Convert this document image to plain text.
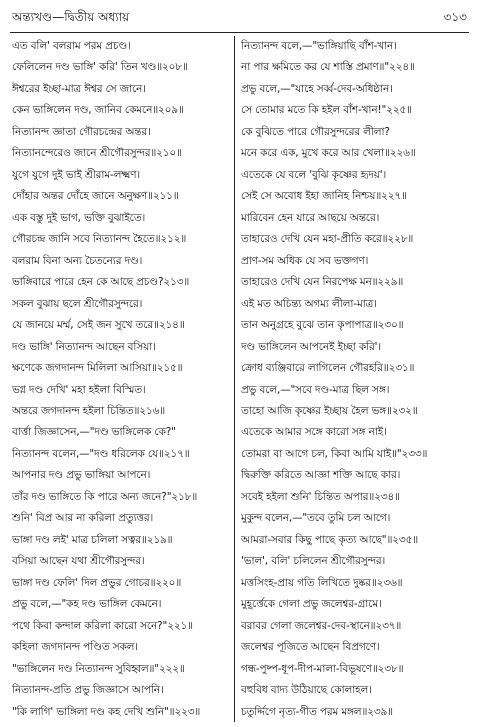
অন্ত্যখণ্ড—দ্বিতীয় অধ্যায়	৩১৩
এত বলি' বলরাম পরম প্রচণ্ড।
ফেলিলেন দণ্ড ভাঙ্গি' করি' তিন খণ্ড॥২০৮॥
ঈশ্বরের ইচ্ছা-মাত্র ঈশ্বর সে জানে।
কেন ভাঙ্গিলেন দণ্ড, জানিব কেমনে॥২০৯॥
নিত্যানন্দ জ্ঞাতা গৌরচন্দ্রের অন্তর।
নিত্যানন্দেরেও জানে শ্রীগৌরসুন্দর॥২১০॥
যুগে যুগে দুই ভাই শ্রীরাম-লক্ষ্মণ।
দোঁহার অন্তর দোঁহে জানে অনুক্ষণ॥২১১॥
এক বস্তু দুই ভাগ, ভক্তি বুঝাইতে।
গৌরচন্দ্র জানি সবে নিত্যানন্দ হৈতে॥২১২॥
বলরাম বিনা অন্য চৈতন্যের দণ্ড।
ভাঙ্গিবারে পারে হেন কে আছে প্রচণ্ড?২১৩॥
সকল বুঝায় ছলে শ্রীগৌরসুন্দরে।
যে জানয়ে মর্ম্ম, সেই জন সুখে তরে॥২১৪॥
দণ্ড ভাঙ্গি' নিত্যানন্দ আছেন বসিয়া।
ক্ষণেকে জগদানন্দ মিলিলা আসিয়া॥২১৫॥
ভগ্ন দণ্ড দেখি' মহা হইলা বিস্মিত।
অন্তরে জগদানন্দ হইলা চিন্তিত॥২১৬॥
বার্ত্তা জিজ্ঞাসেন,—"দণ্ড ভাঙ্গিলেক কে?"
নিত্যানন্দ বলেন,—"দণ্ড ধরিলেক যে॥২১৭॥
আপনার দণ্ড প্রভু ভাঙ্গিয়া আপনে।
তাঁর দণ্ড ভাঙ্গিতে কি পারে অন্য জনে?"২১৮॥
শুনি' বিপ্র আর না করিলা প্রত্যুত্তর।
ভাঙ্গা দণ্ড লই' মাত্র চলিলা সত্বর॥২১৯॥
বসিয়া আছেন যথা শ্রীগৌরসুন্দর।
ভাঙ্গা দণ্ড ফেলি' দিল প্রভুর গোচর॥২২০॥
প্রভু বলে,—"কহ দণ্ড ভাঙ্গিল কেমনে।
পথে কিবা কন্দাল করিলা কারো সনে?"২২১॥
কহিলা জগদানন্দ পণ্ডিত সকল।
"ভাঙ্গিলেন দণ্ড নিত্যানন্দ সুবিহ্বল॥"২২২॥
নিত্যানন্দ-প্রতি প্রভু জিজ্ঞাসে আপনি।
"কি লাগি' ভাঙ্গিলা দণ্ড কহ দেখি শুনি"॥২২৩॥
নিত্যানন্দ বলে,—"ভাঙ্গিয়াছি বাঁশ-খান।
না পার ক্ষমিতে কর যে শাস্তি প্রমাণ॥"২২৪॥
প্রভু বলে,—"যাহে সর্ব্ব-দেব-অধিষ্ঠান।
সে তোমার মতে কি হইল বাঁশ-খান!"২২৫॥
কে বুঝিতে পারে গৌরসুন্দরের লীলা?
মনে করে এক, মুখে করে আর খেলা॥২২৬॥
এতেকে যে বলে 'বুঝি কৃষ্ণের হৃদয়'।
সেই সে অবোধ ইহা জানিহ নিশ্চয়॥২২৭॥
মারিবেন হেন যারে আছয়ে অন্তরে।
তাহারেও দেখি যেন মহা-প্রীতি করে॥২২৮॥
প্রাণ-সম অধিক যে সব ভক্তগণ।
তাহারেও দেখি যেন নিরপেক্ষ মন॥২২৯॥
এই মত অচিন্ত্য অগম্য লীলা-মাত্র।
তান অনুগ্রহে বুঝে তান কৃপাপাত্র॥২৩০॥
দণ্ড ভাঙ্গিলেন আপনেই ইচ্ছা করি'।
ক্রোধ ব্যঞ্জিবারে লাগিলেন গৌরহরি॥২৩১॥
প্রভু বলে,—"সবে দণ্ড-মাত্র ছিল সঙ্গ।
তাহো আজি কৃষ্ণের ইচ্ছায় হৈল ভঙ্গ॥২৩২॥
এতেকে আমার সঙ্গে কারো সঙ্গ নাই।
তোমরা বা আগে চল, কিবা আমি যাই॥"২৩৩॥
দ্বিরুক্তি করিতে আজ্ঞা শক্তি আছে কার।
সবেই হইলা শুনি' চিন্তিত অপার॥২৩৪॥
মুকুন্দ বলেন,—"তবে তুমি চল আগে।
আমরা-সবার কিছু পাছে কৃত্য আছে"॥২৩৫॥
'ভাল', বলি' চলিলেন শ্রীগৌরসুন্দর।
মত্তসিংহ-প্রায় গতি লিখিতে দুষ্কর॥২৩৬॥
মুহূর্ত্তেকে গেলা প্রভু জলেশ্বর-গ্রামে।
বরাবর গেলা জলেশ্বর-দেব-স্থানে॥২৩৭॥
জলেশ্বর পূজিতে আছেন বিপ্রগণে।
গন্ধ-পুষ্প-ধূপ-দীপ-মালা-বিভূষণে॥২৩৮॥
বহুবিধ বাদ্য উঠিয়াছে কোলাহল।
চতুর্দ্দিগে নৃত্য-গীত পরম মঙ্গল॥২৩৯॥
